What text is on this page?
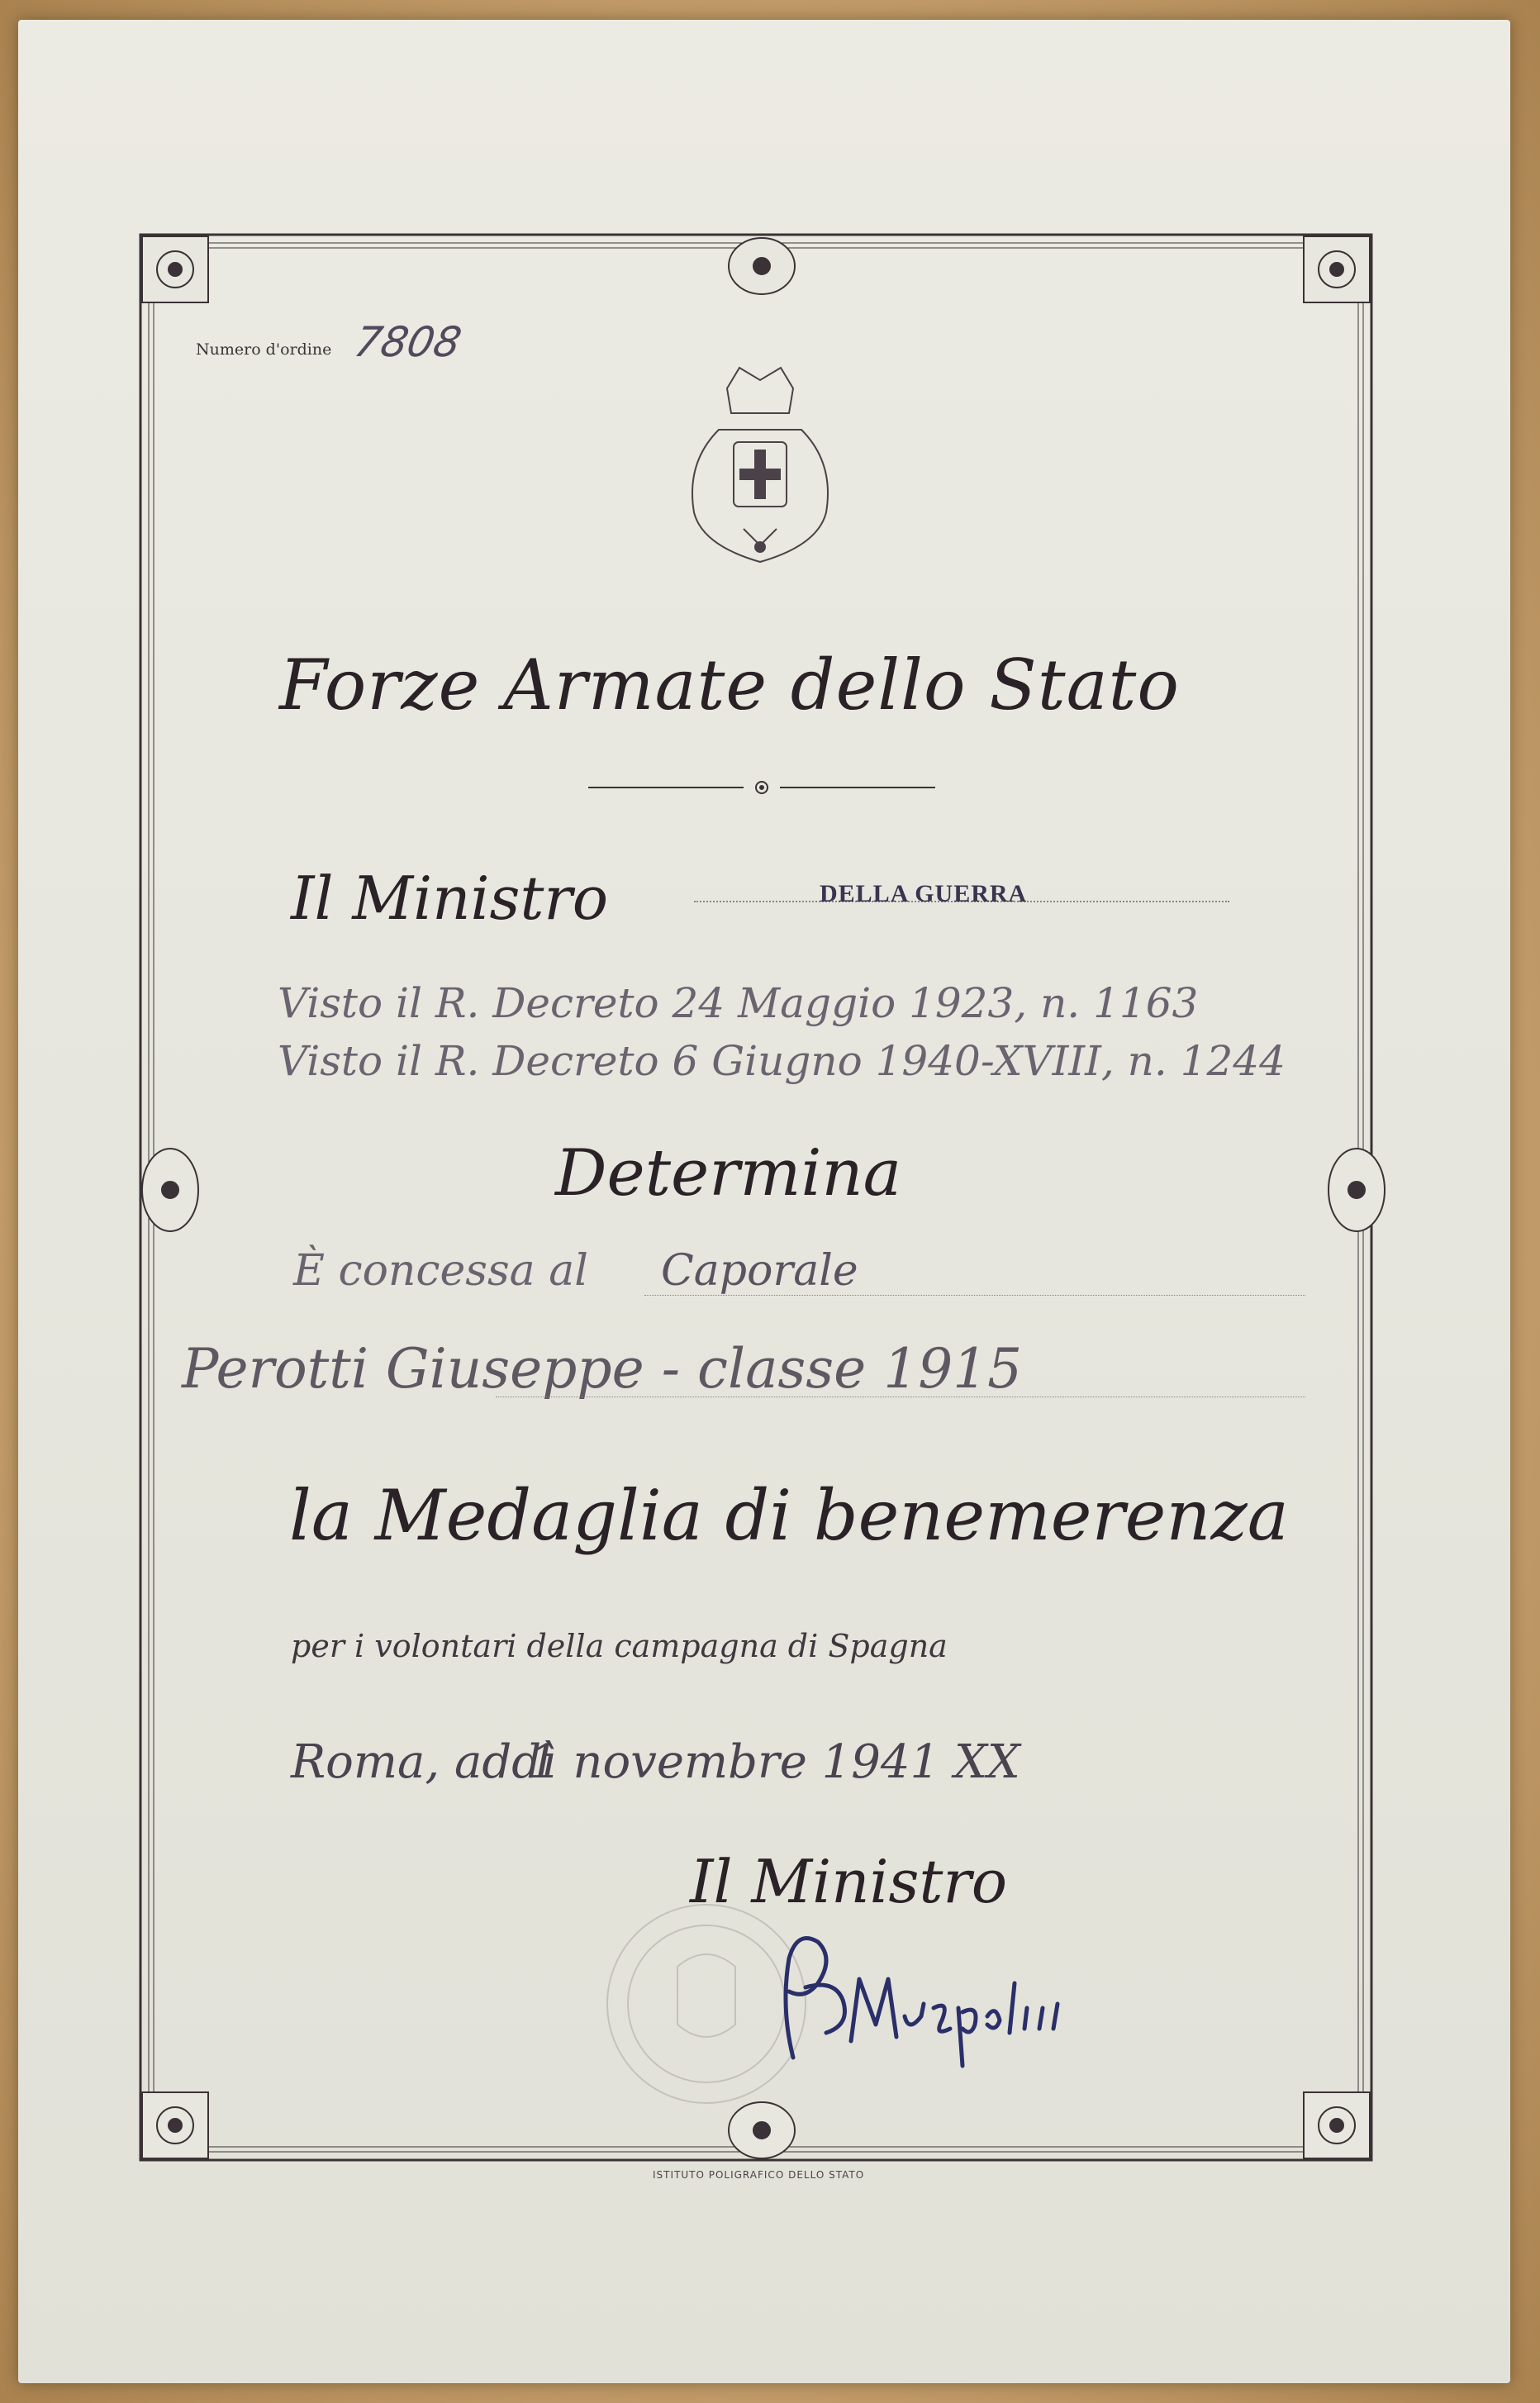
Numero d'ordine 7808
Forze Armate dello Stato
Il Ministro	DELLA GUERRA
Visto il R. Decreto 24 Maggio 1923, n. 1163
Visto il R. Decreto 6 Giugno 1940-XVIII, n. 1244
Determina
È concessa al Caporale
Perotti Giuseppe - classe 1915
la Medaglia di benemerenza
per i volontari della campagna di Spagna
Roma, addì
1 novembre 1941 XX
Il Ministro
ISTITUTO POLIGRAFICO DELLO STATO
